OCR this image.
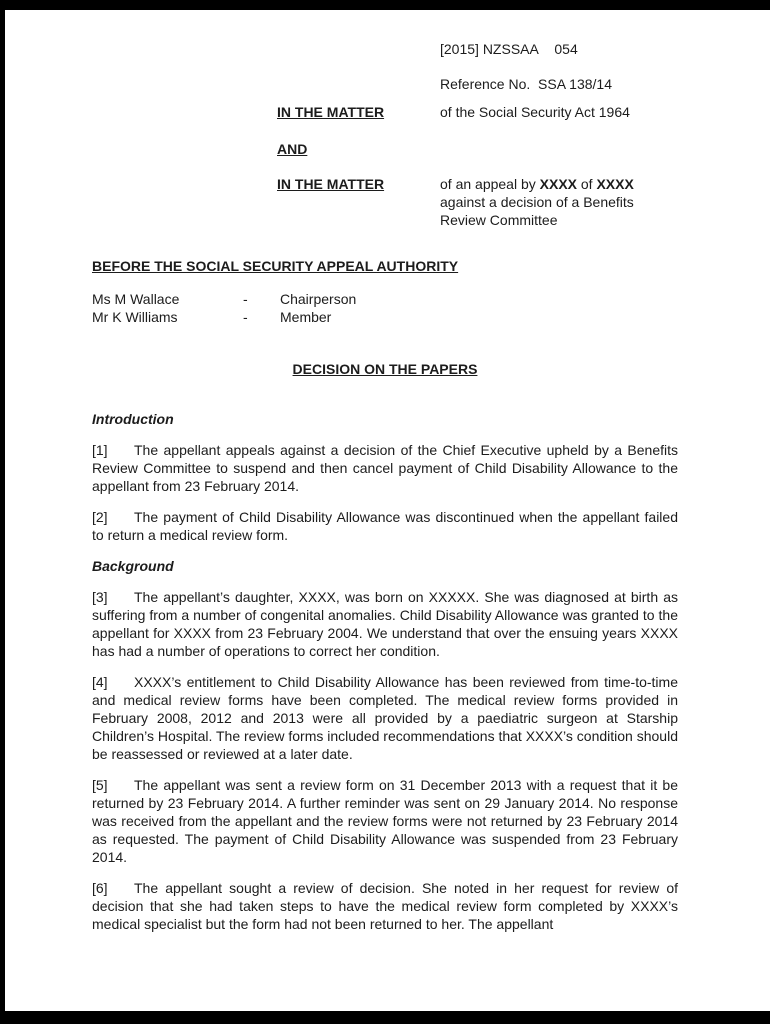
[2015] NZSSAA    054
Reference No.  SSA 138/14
IN THE MATTER	of the Social Security Act 1964
AND
IN THE MATTER	of an appeal by XXXX of XXXX against a decision of a Benefits Review Committee
BEFORE THE SOCIAL SECURITY APPEAL AUTHORITY
Ms M Wallace	-	Chairperson
Mr K Williams	-	Member
DECISION ON THE PAPERS
Introduction

[1] The appellant appeals against a decision of the Chief Executive upheld by a Benefits Review Committee to suspend and then cancel payment of Child Disability Allowance to the appellant from 23 February 2014.

[2] The payment of Child Disability Allowance was discontinued when the appellant failed to return a medical review form.

Background

[3] The appellant’s daughter, XXXX, was born on XXXXX. She was diagnosed at birth as suffering from a number of congenital anomalies. Child Disability Allowance was granted to the appellant for XXXX from 23 February 2004. We understand that over the ensuing years XXXX has had a number of operations to correct her condition.

[4] XXXX’s entitlement to Child Disability Allowance has been reviewed from time-to-time and medical review forms have been completed. The medical review forms provided in February 2008, 2012 and 2013 were all provided by a paediatric surgeon at Starship Children’s Hospital. The review forms included recommendations that XXXX’s condition should be reassessed or reviewed at a later date.

[5] The appellant was sent a review form on 31 December 2013 with a request that it be returned by 23 February 2014. A further reminder was sent on 29 January 2014. No response was received from the appellant and the review forms were not returned by 23 February 2014 as requested. The payment of Child Disability Allowance was suspended from 23 February 2014.

[6] The appellant sought a review of decision. She noted in her request for review of decision that she had taken steps to have the medical review form completed by XXXX’s medical specialist but the form had not been returned to her. The appellant
